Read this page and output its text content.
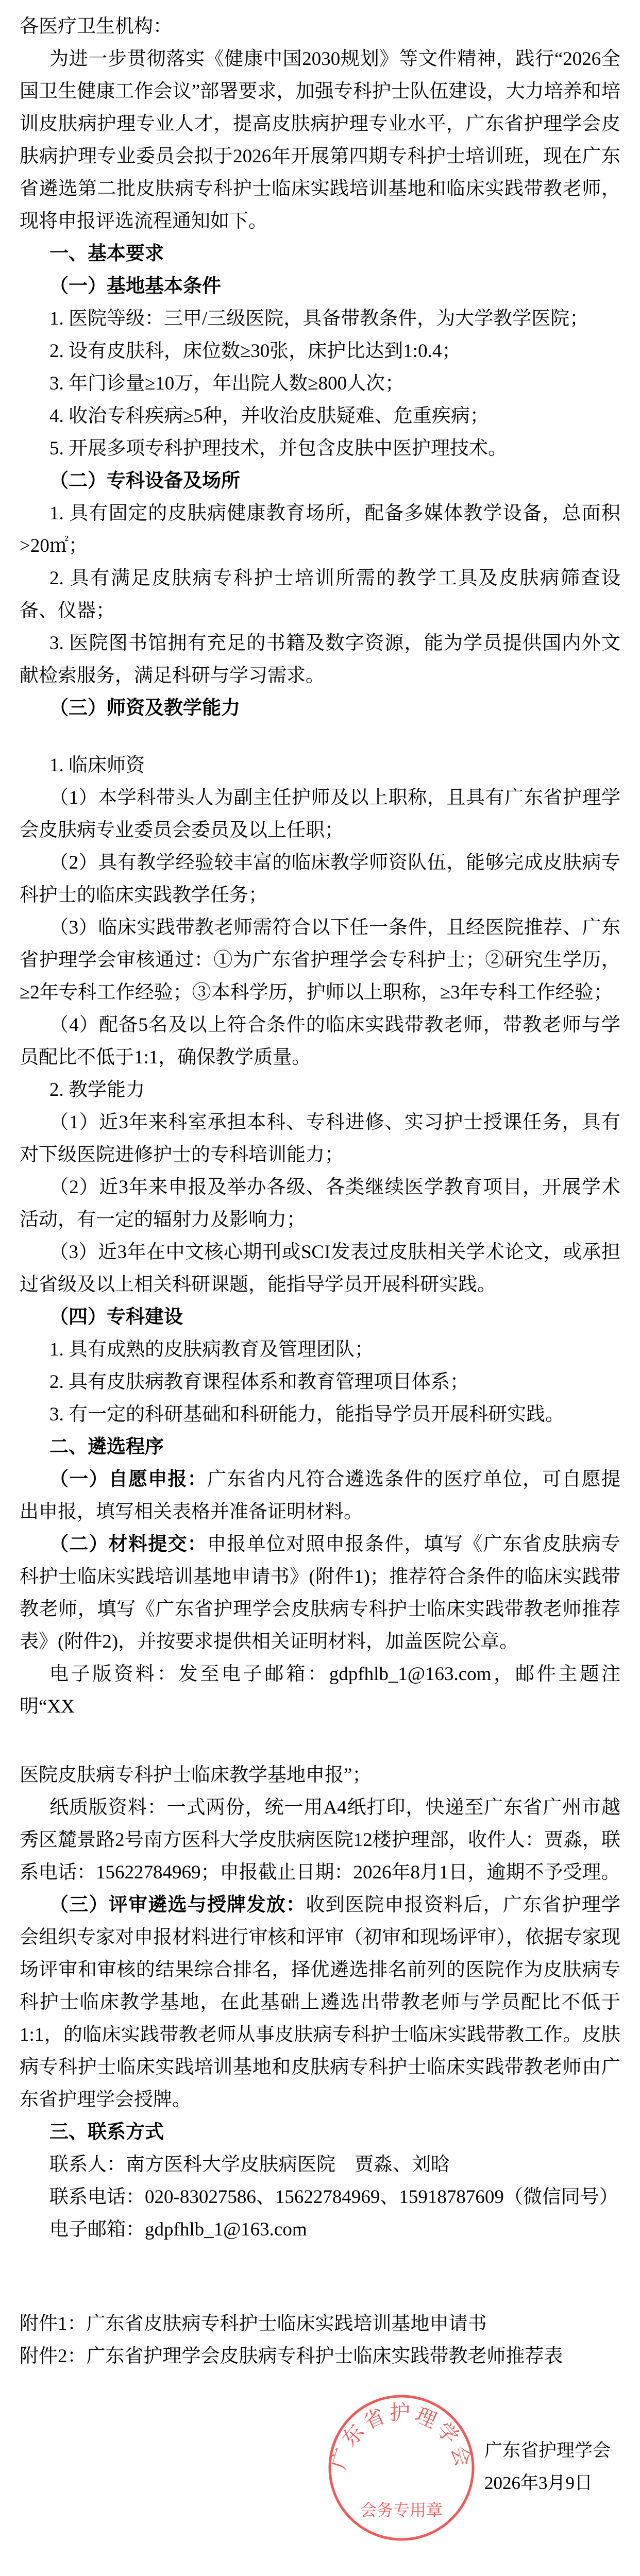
各医疗卫生机构：

为进一步贯彻落实《健康中国2030规划》等文件精神，践行“2026全国卫生健康工作会议”部署要求，加强专科护士队伍建设，大力培养和培训皮肤病护理专业人才，提高皮肤病护理专业水平，广东省护理学会皮肤病护理专业委员会拟于2026年开展第四期专科护士培训班，现在广东省遴选第二批皮肤病专科护士临床实践培训基地和临床实践带教老师，现将申报评选流程通知如下。

一、基本要求

（一）基地基本条件

1. 医院等级：三甲/三级医院，具备带教条件，为大学教学医院；

2. 设有皮肤科，床位数≥30张，床护比达到1:0.4；

3. 年门诊量≥10万，年出院人数≥800人次；

4. 收治专科疾病≥5种，并收治皮肤疑难、危重疾病；

5. 开展多项专科护理技术，并包含皮肤中医护理技术。

（二）专科设备及场所

1. 具有固定的皮肤病健康教育场所，配备多媒体教学设备，总面积>20㎡；

2. 具有满足皮肤病专科护士培训所需的教学工具及皮肤病筛查设备、仪器；

3. 医院图书馆拥有充足的书籍及数字资源，能为学员提供国内外文献检索服务，满足科研与学习需求。

（三）师资及教学能力

1. 临床师资

（1）本学科带头人为副主任护师及以上职称，且具有广东省护理学会皮肤病专业委员会委员及以上任职；

（2）具有教学经验较丰富的临床教学师资队伍，能够完成皮肤病专科护士的临床实践教学任务；

（3）临床实践带教老师需符合以下任一条件，且经医院推荐、广东省护理学会审核通过：①为广东省护理学会专科护士；②研究生学历，≥2年专科工作经验；③本科学历，护师以上职称，≥3年专科工作经验；

（4）配备5名及以上符合条件的临床实践带教老师，带教老师与学员配比不低于1:1，确保教学质量。

2. 教学能力

（1）近3年来科室承担本科、专科进修、实习护士授课任务，具有对下级医院进修护士的专科培训能力；

（2）近3年来申报及举办各级、各类继续医学教育项目，开展学术活动，有一定的辐射力及影响力；

（3）近3年在中文核心期刊或SCI发表过皮肤相关学术论文，或承担过省级及以上相关科研课题，能指导学员开展科研实践。

（四）专科建设

1. 具有成熟的皮肤病教育及管理团队；

2. 具有皮肤病教育课程体系和教育管理项目体系；

3. 有一定的科研基础和科研能力，能指导学员开展科研实践。

二、遴选程序

（一）自愿申报：广东省内凡符合遴选条件的医疗单位，可自愿提出申报，填写相关表格并准备证明材料。

（二）材料提交：申报单位对照申报条件，填写《广东省皮肤病专科护士临床实践培训基地申请书》(附件1)；推荐符合条件的临床实践带教老师，填写《广东省护理学会皮肤病专科护士临床实践带教老师推荐表》(附件2)，并按要求提供相关证明材料，加盖医院公章。

电子版资料：发至电子邮箱：gdpfhlb_1@163.com，邮件主题注明“XX

医院皮肤病专科护士临床教学基地申报”；

纸质版资料：一式两份，统一用A4纸打印，快递至广东省广州市越秀区麓景路2号南方医科大学皮肤病医院12楼护理部，收件人：贾淼，联系电话：15622784969；申报截止日期：2026年8月1日，逾期不予受理。

（三）评审遴选与授牌发放：收到医院申报资料后，广东省护理学会组织专家对申报材料进行审核和评审（初审和现场评审），依据专家现场评审和审核的结果综合排名，择优遴选排名前列的医院作为皮肤病专科护士临床教学基地，在此基础上遴选出带教老师与学员配比不低于1:1，的临床实践带教老师从事皮肤病专科护士临床实践带教工作。皮肤病专科护士临床实践培训基地和皮肤病专科护士临床实践带教老师由广东省护理学会授牌。

三、联系方式

联系人：南方医科大学皮肤病医院　贾淼、刘晗

联系电话：020-83027586、15622784969、15918787609（微信同号）

电子邮箱：gdpfhlb_1@163.com

附件1：广东省皮肤病专科护士临床实践培训基地申请书

附件2：广东省护理学会皮肤病专科护士临床实践带教老师推荐表

广东省护理学会
会务专用章
广东省护理学会
2026年3月9日
